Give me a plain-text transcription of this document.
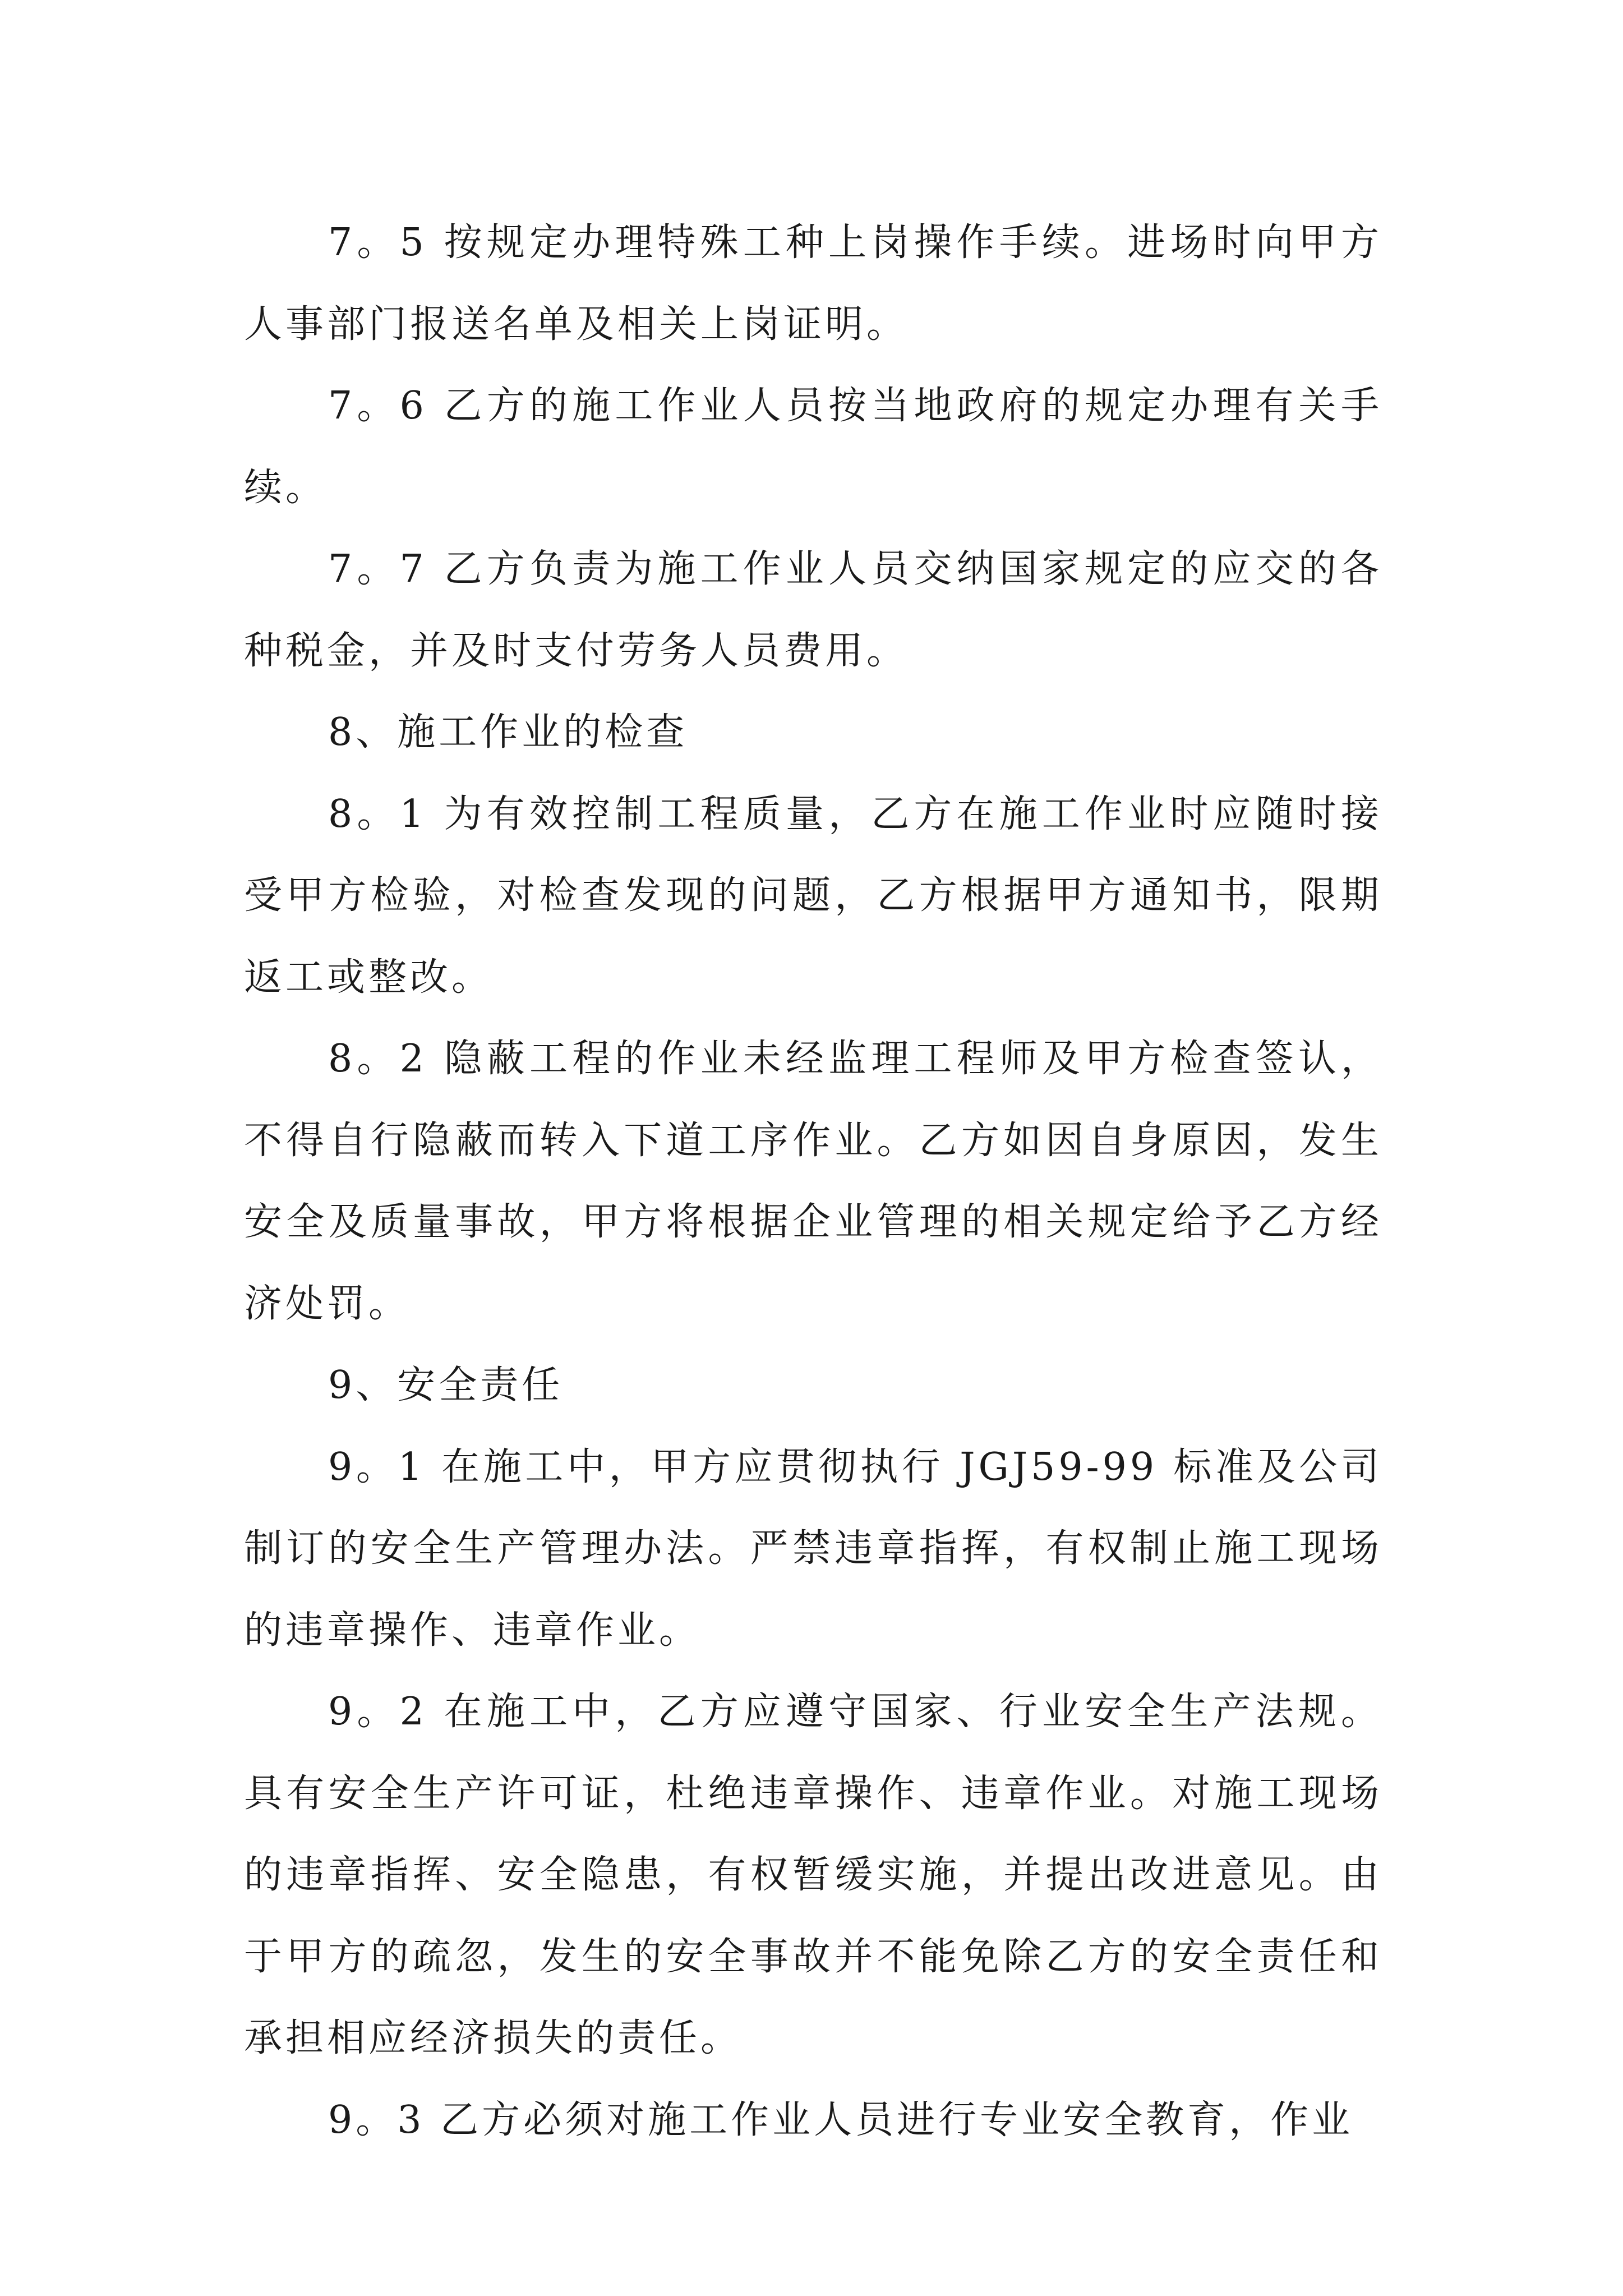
7。5 按规定办理特殊工种上岗操作手续。进场时向甲方人事部门报送名单及相关上岗证明。

7。6 乙方的施工作业人员按当地政府的规定办理有关手续。

7。7 乙方负责为施工作业人员交纳国家规定的应交的各种税金，并及时支付劳务人员费用。

8、施工作业的检查

8。1 为有效控制工程质量，乙方在施工作业时应随时接受甲方检验，对检查发现的问题，乙方根据甲方通知书，限期返工或整改。

8。2 隐蔽工程的作业未经监理工程师及甲方检查签认，不得自行隐蔽而转入下道工序作业。乙方如因自身原因，发生安全及质量事故，甲方将根据企业管理的相关规定给予乙方经济处罚。

9、安全责任

9。1 在施工中，甲方应贯彻执行 JGJ59-99 标准及公司制订的安全生产管理办法。严禁违章指挥，有权制止施工现场的违章操作、违章作业。

9。2 在施工中，乙方应遵守国家、行业安全生产法规。具有安全生产许可证，杜绝违章操作、违章作业。对施工现场的违章指挥、安全隐患，有权暂缓实施，并提出改进意见。由于甲方的疏忽，发生的安全事故并不能免除乙方的安全责任和承担相应经济损失的责任。

9。3 乙方必须对施工作业人员进行专业安全教育，作业
